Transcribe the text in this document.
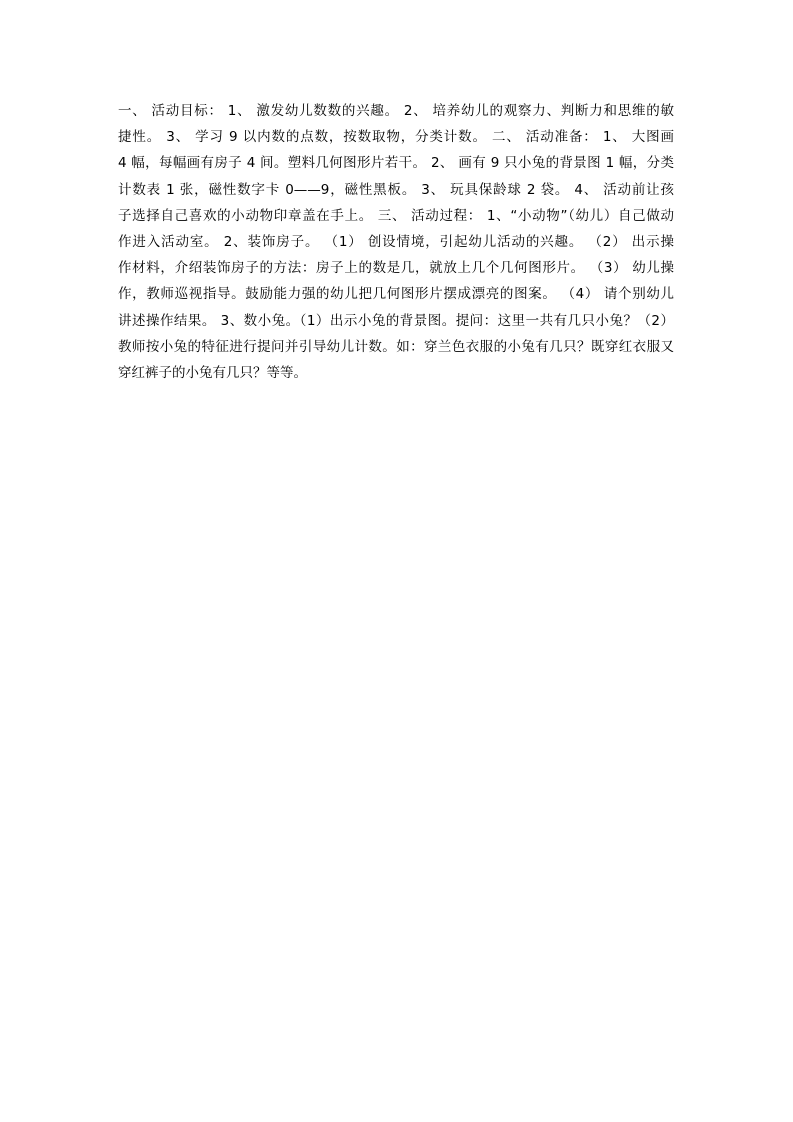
一、 活动目标： 1、 激发幼儿数数的兴趣。 2、 培养幼儿的观察力、判断力和思维的敏
捷性。 3、 学习 9 以内数的点数，按数取物，分类计数。 二、 活动准备： 1、 大图画
4 幅，每幅画有房子 4 间。塑料几何图形片若干。 2、 画有 9 只小兔的背景图 1 幅，分类
计数表 1 张，磁性数字卡 0——9，磁性黑板。 3、 玩具保龄球 2 袋。 4、 活动前让孩
子选择自己喜欢的小动物印章盖在手上。 三、 活动过程： 1、“小动物”（幼儿）自己做动
作进入活动室。 2、装饰房子。 （1） 创设情境，引起幼儿活动的兴趣。 （2） 出示操
作材料，介绍装饰房子的方法：房子上的数是几，就放上几个几何图形片。 （3） 幼儿操
作，教师巡视指导。鼓励能力强的幼儿把几何图形片摆成漂亮的图案。 （4） 请个别幼儿
讲述操作结果。 3、数小兔。（1）出示小兔的背景图。提问：这里一共有几只小兔？（2）
教师按小兔的特征进行提问并引导幼儿计数。如：穿兰色衣服的小兔有几只？既穿红衣服又
穿红裤子的小兔有几只？等等。
